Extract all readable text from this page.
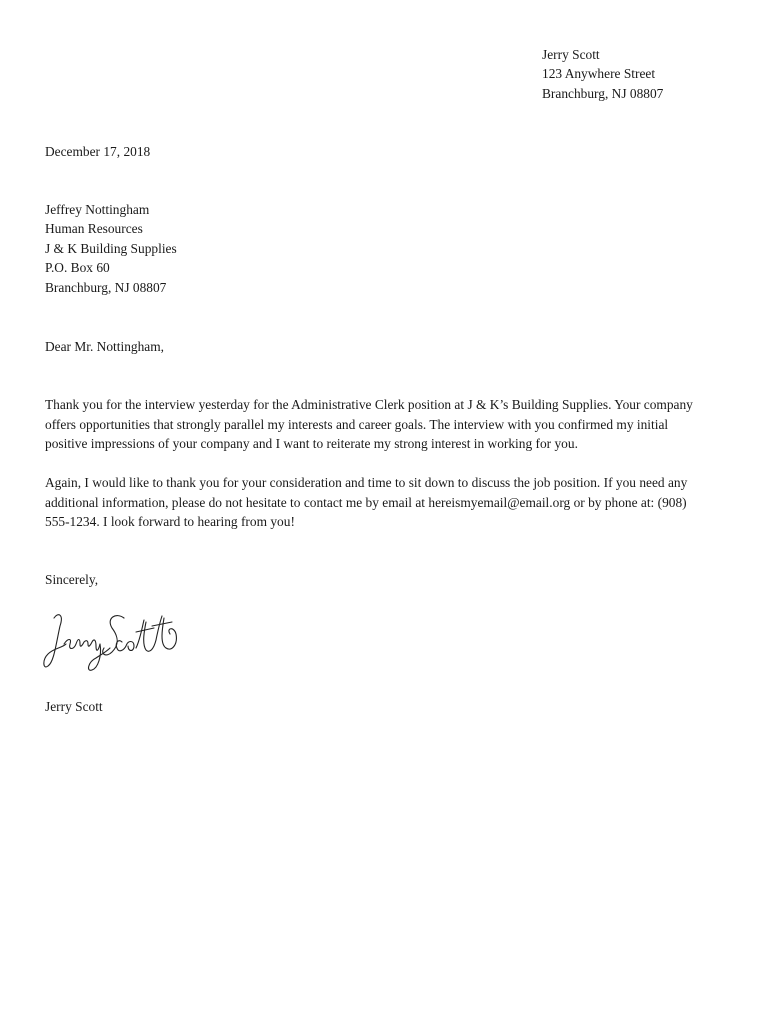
Jerry Scott
123 Anywhere Street
Branchburg, NJ 08807
December 17, 2018
Jeffrey Nottingham
Human Resources
J & K Building Supplies
P.O. Box 60
Branchburg, NJ 08807
Dear Mr. Nottingham,
Thank you for the interview yesterday for the Administrative Clerk position at J & K’s Building Supplies. Your company
offers opportunities that strongly parallel my interests and career goals. The interview with you confirmed my initial
positive impressions of your company and I want to reiterate my strong interest in working for you.
Again, I would like to thank you for your consideration and time to sit down to discuss the job position. If you need any
additional information, please do not hesitate to contact me by email at hereismyemail@email.org or by phone at: (908)
555-1234. I look forward to hearing from you!
Sincerely,
Jerry Scott
